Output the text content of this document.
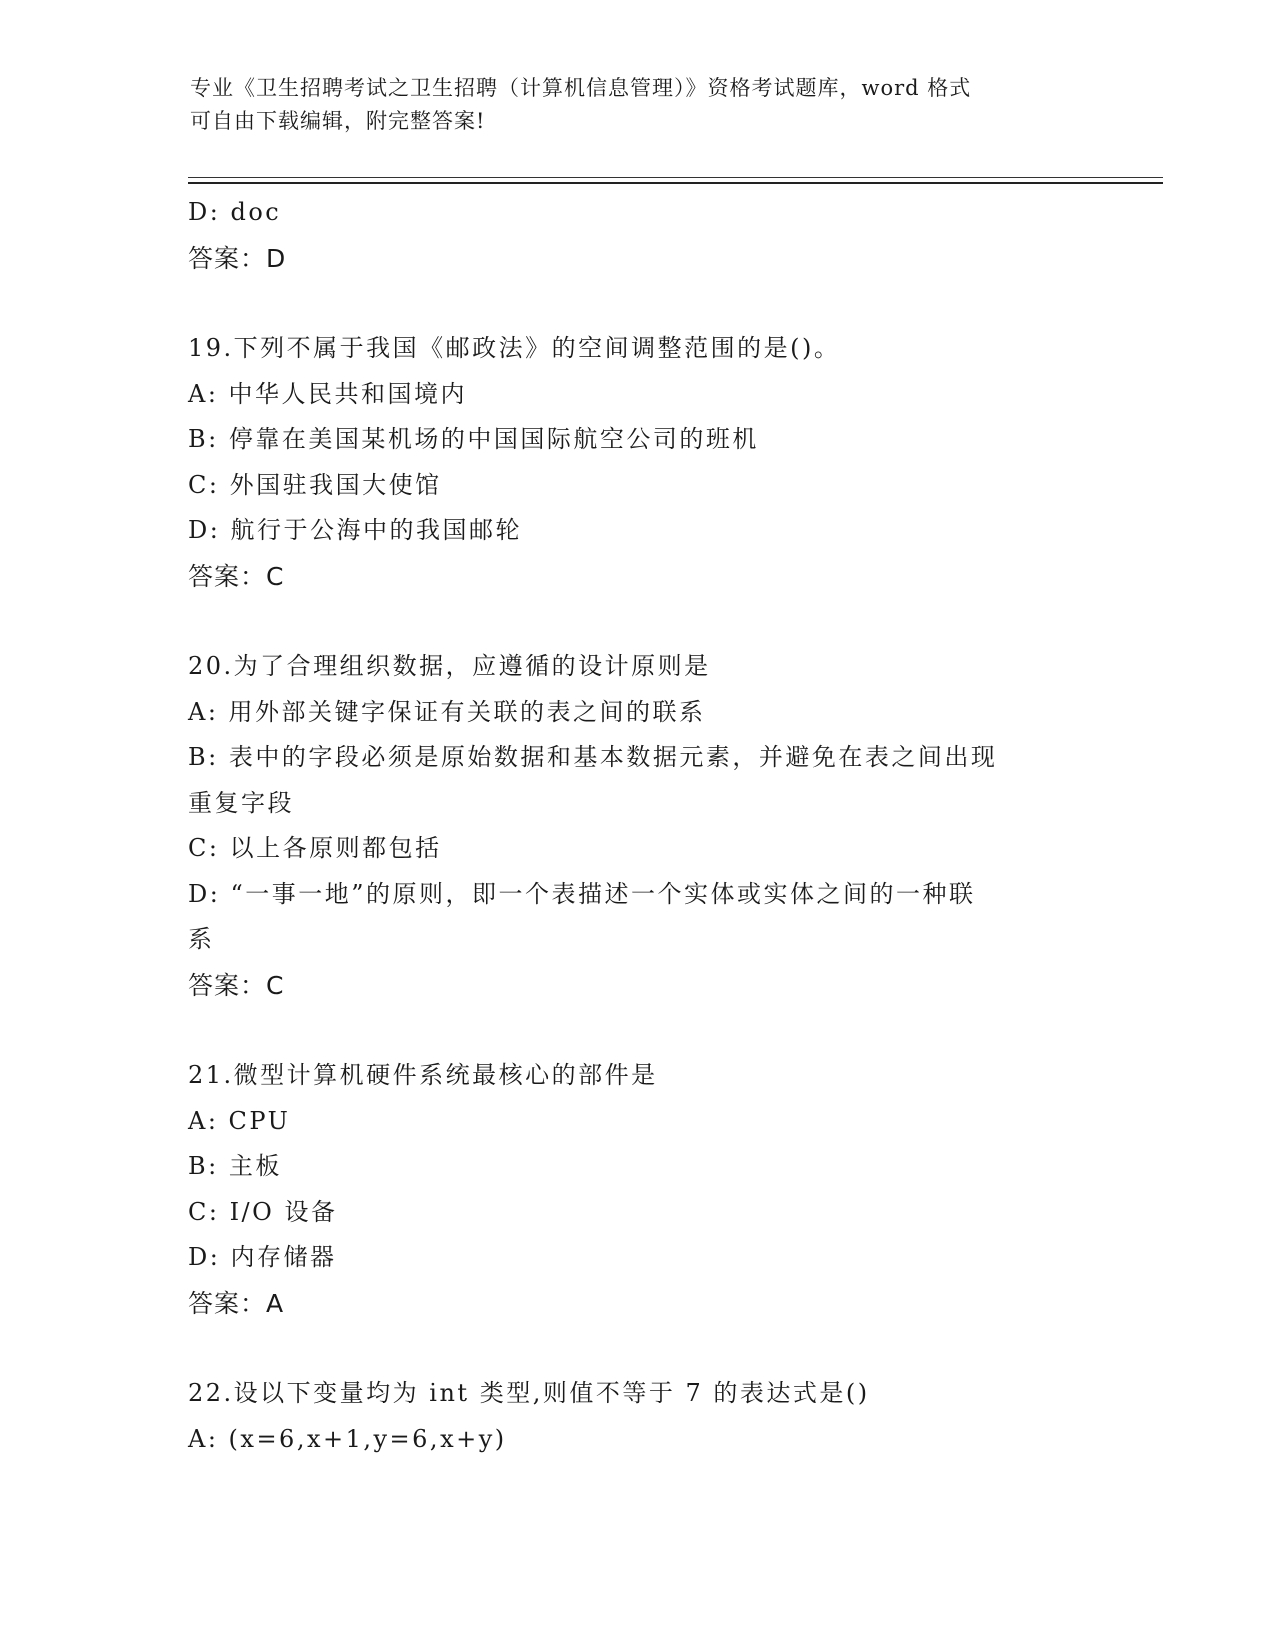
专业《卫生招聘考试之卫生招聘（计算机信息管理）》资格考试题库，word 格式
可自由下载编辑，附完整答案!
D: doc
答案：D
19.下列不属于我国《邮政法》的空间调整范围的是()。
A: 中华人民共和国境内
B: 停靠在美国某机场的中国国际航空公司的班机
C: 外国驻我国大使馆
D: 航行于公海中的我国邮轮
答案：C
20.为了合理组织数据，应遵循的设计原则是
A: 用外部关键字保证有关联的表之间的联系
B: 表中的字段必须是原始数据和基本数据元素，并避免在表之间出现
重复字段
C: 以上各原则都包括
D: “一事一地”的原则，即一个表描述一个实体或实体之间的一种联
系
答案：C
21.微型计算机硬件系统最核心的部件是
A: CPU
B: 主板
C: I/O 设备
D: 内存储器
答案：A
22.设以下变量均为 int 类型,则值不等于 7 的表达式是()
A: (x=6,x+1,y=6,x+y)
